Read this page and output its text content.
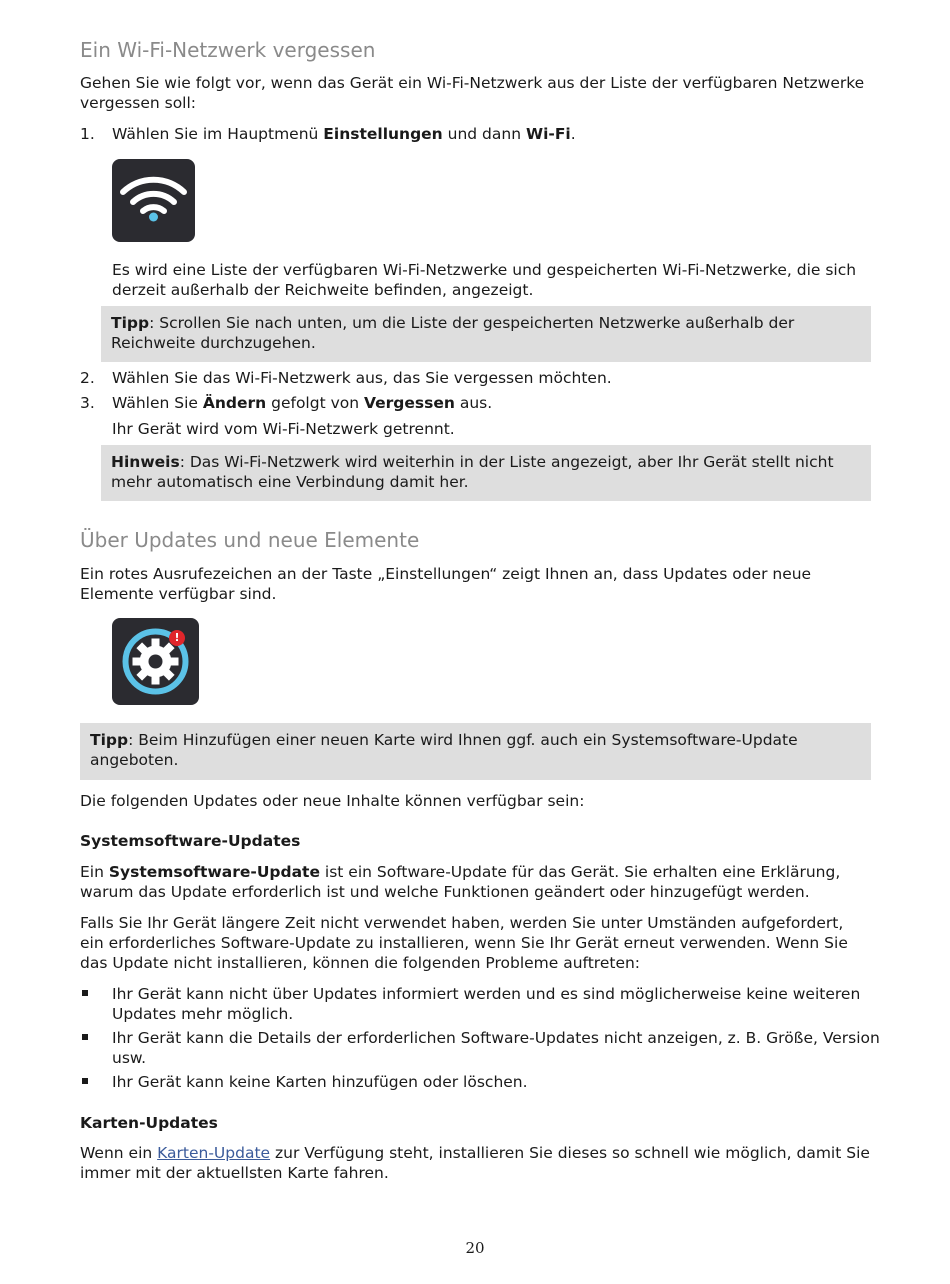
Ein Wi-Fi-Netzwerk vergessen
Gehen Sie wie folgt vor, wenn das Gerät ein Wi-Fi-Netzwerk aus der Liste der verfügbaren Netzwerke vergessen soll:
1.	Wählen Sie im Hauptmenü Einstellungen und dann Wi-Fi.
Es wird eine Liste der verfügbaren Wi-Fi-Netzwerke und gespeicherten Wi-Fi-Netzwerke, die sich derzeit außerhalb der Reichweite befinden, angezeigt.
Tipp: Scrollen Sie nach unten, um die Liste der gespeicherten Netzwerke außerhalb der Reichweite durchzugehen.
2.	Wählen Sie das Wi-Fi-Netzwerk aus, das Sie vergessen möchten.
3.	Wählen Sie Ändern gefolgt von Vergessen aus.
Ihr Gerät wird vom Wi-Fi-Netzwerk getrennt.
Hinweis: Das Wi-Fi-Netzwerk wird weiterhin in der Liste angezeigt, aber Ihr Gerät stellt nicht mehr automatisch eine Verbindung damit her.
Über Updates und neue Elemente
Ein rotes Ausrufezeichen an der Taste „Einstellungen“ zeigt Ihnen an, dass Updates oder neue Elemente verfügbar sind.
!
Tipp: Beim Hinzufügen einer neuen Karte wird Ihnen ggf. auch ein Systemsoftware-Update angeboten.
Die folgenden Updates oder neue Inhalte können verfügbar sein:
Systemsoftware-Updates
Ein Systemsoftware-Update ist ein Software-Update für das Gerät. Sie erhalten eine Erklärung, warum das Update erforderlich ist und welche Funktionen geändert oder hinzugefügt werden.
Falls Sie Ihr Gerät längere Zeit nicht verwendet haben, werden Sie unter Umständen aufgefordert, ein erforderliches Software-Update zu installieren, wenn Sie Ihr Gerät erneut verwenden. Wenn Sie das Update nicht installieren, können die folgenden Probleme auftreten:
Ihr Gerät kann nicht über Updates informiert werden und es sind möglicherweise keine weiteren Updates mehr möglich.
Ihr Gerät kann die Details der erforderlichen Software-Updates nicht anzeigen, z. B. Größe, Version usw.
Ihr Gerät kann keine Karten hinzufügen oder löschen.
Karten-Updates
Wenn ein Karten-Update zur Verfügung steht, installieren Sie dieses so schnell wie möglich, damit Sie immer mit der aktuellsten Karte fahren.
20
